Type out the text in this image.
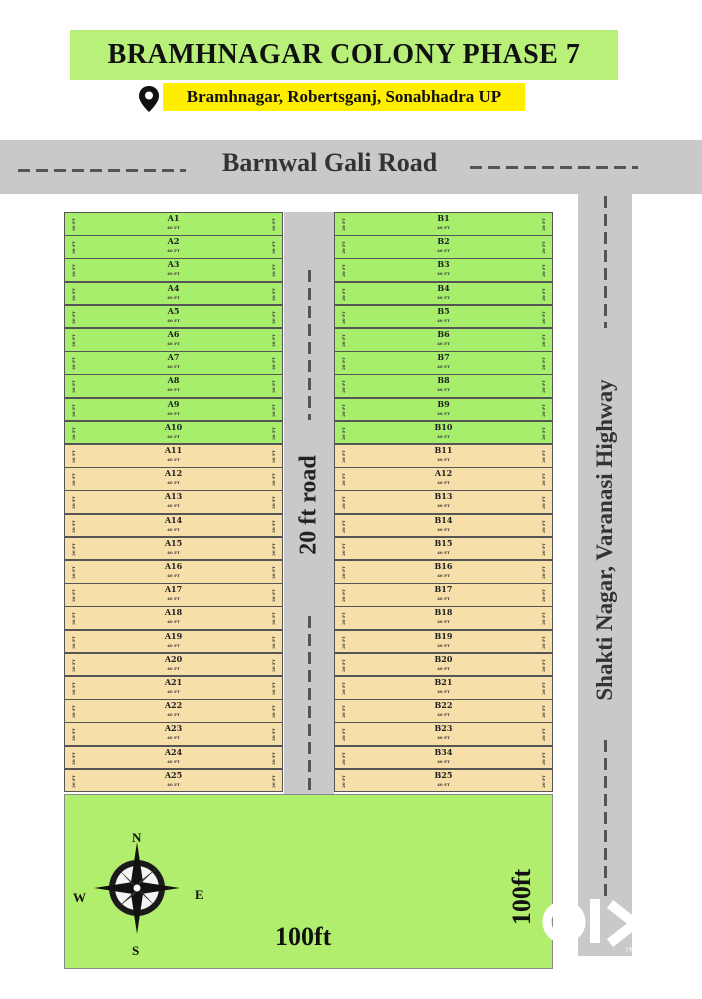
BRAMHNAGAR COLONY PHASE 7
Bramhnagar, Robertsganj, Sonabhadra UP
Barnwal Gali Road
Shakti Nagar, Varanasi Highway
20 ft road
A1
40 FT
20 FT	20 FT
A2
40 FT
20 FT	20 FT
A3
40 FT
20 FT	20 FT
A4
40 FT
20 FT	20 FT
A5
40 FT
20 FT	20 FT
A6
40 FT
20 FT	20 FT
A7
40 FT
20 FT	20 FT
A8
40 FT
20 FT	20 FT
A9
40 FT
20 FT	20 FT
A10
40 FT
20 FT	20 FT
A11
40 FT
20 FT	20 FT
A12
40 FT
20 FT	20 FT
A13
40 FT
20 FT	20 FT
A14
40 FT
20 FT	20 FT
A15
40 FT
20 FT	20 FT
A16
40 FT
20 FT	20 FT
A17
40 FT
20 FT	20 FT
A18
40 FT
20 FT	20 FT
A19
40 FT
20 FT	20 FT
A20
40 FT
20 FT	20 FT
A21
40 FT
20 FT	20 FT
A22
40 FT
20 FT	20 FT
A23
40 FT
20 FT	20 FT
A24
40 FT
20 FT	20 FT
A25
40 FT
20 FT	20 FT
B1
40 FT
20 FT	20 FT
B2
40 FT
20 FT	20 FT
B3
40 FT
20 FT	20 FT
B4
40 FT
20 FT	20 FT
B5
40 FT
20 FT	20 FT
B6
40 FT
20 FT	20 FT
B7
40 FT
20 FT	20 FT
B8
40 FT
20 FT	20 FT
B9
40 FT
20 FT	20 FT
B10
40 FT
20 FT	20 FT
B11
40 FT
20 FT	20 FT
A12
40 FT
20 FT	20 FT
B13
40 FT
20 FT	20 FT
B14
40 FT
20 FT	20 FT
B15
40 FT
20 FT	20 FT
B16
40 FT
20 FT	20 FT
B17
40 FT
20 FT	20 FT
B18
40 FT
20 FT	20 FT
B19
40 FT
20 FT	20 FT
B20
40 FT
20 FT	20 FT
B21
40 FT
20 FT	20 FT
B22
40 FT
20 FT	20 FT
B23
40 FT
20 FT	20 FT
B34
40 FT
20 FT	20 FT
B25
40 FT
20 FT	20 FT
100ft
100ft
N
S
W	E
INDIA
